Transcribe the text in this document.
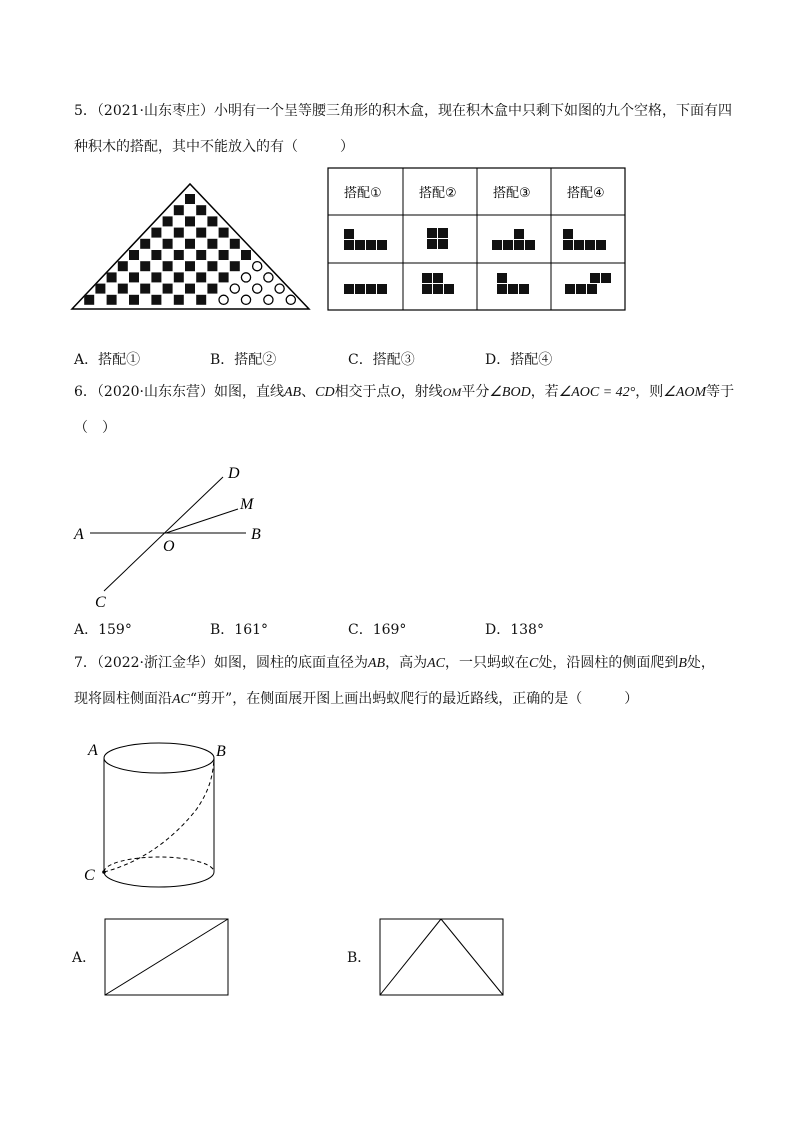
5．（2021·山东枣庄）小明有一个呈等腰三角形的积木盒，现在积木盒中只剩下如图的九个空格，下面有四
种积木的搭配，其中不能放入的有（　　　）
搭配①	搭配②	搭配③	搭配④
A．搭配①	B．搭配②	C．搭配③	D．搭配④
6．（2020·山东东营）如图，直线AB、CD相交于点O，射线OM平分∠BOD，若∠AOC = 42°，则∠AOM等于
（　）
A	B
C
D
M
O
A．159°	B．161°	C．169°	D．138°
7．（2022·浙江金华）如图，圆柱的底面直径为AB，高为AC，一只蚂蚁在C处，沿圆柱的侧面爬到B处，
现将圆柱侧面沿AC“剪开”，在侧面展开图上画出蚂蚁爬行的最近路线，正确的是（　　　）
A	B
C
A．	B．
